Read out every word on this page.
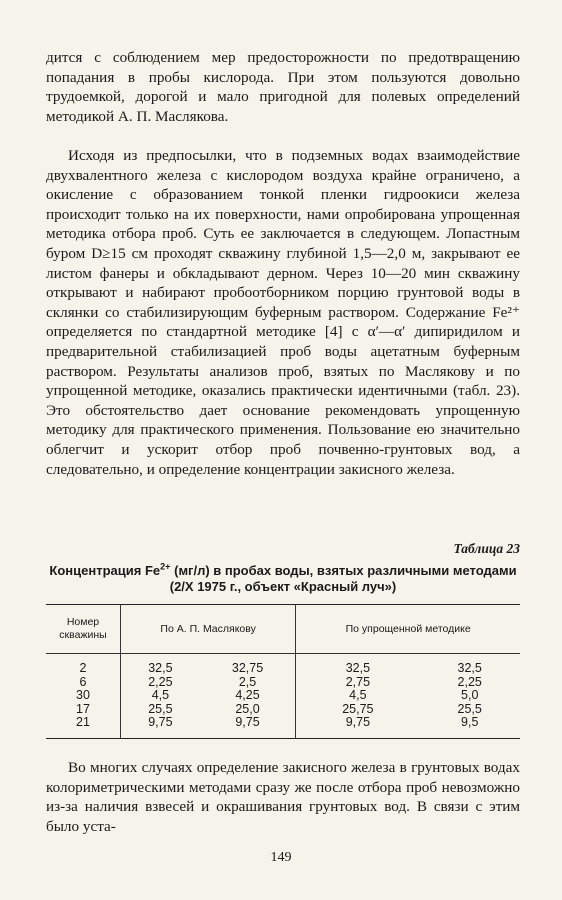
дится с соблюдением мер предосторожности по предотвращению попадания в пробы кислорода. При этом пользуются довольно трудоемкой, дорогой и мало пригодной для полевых определений методикой А. П. Маслякова.

Исходя из предпосылки, что в подземных водах взаимодействие двухвалентного железа с кислородом воздуха крайне ограничено, а окисление с образованием тонкой пленки гидроокиси железа происходит только на их поверхности, нами опробирована упрощенная методика отбора проб. Суть ее заключается в следующем. Лопастным буром D≥15 см проходят скважину глубиной 1,5—2,0 м, закрывают ее листом фанеры и обкладывают дерном. Через 10—20 мин скважину открывают и набирают пробоотборником порцию грунтовой воды в склянки со стабилизирующим буферным раствором. Содержание Fe²⁺ определяется по стандартной методике [4] с α′—α′ дипиридилом и предварительной стабилизацией проб воды ацетатным буферным раствором. Результаты анализов проб, взятых по Маслякову и по упрощенной методике, оказались практически идентичными (табл. 23). Это обстоятельство дает основание рекомендовать упрощенную методику для практического применения. Пользование ею значительно облегчит и ускорит отбор проб почвенно-грунтовых вод, а следовательно, и определение концентрации закисного железа.

Таблица 23
Концентрация $Fe^{2+}$ (мг/л) в пробах воды, взятых различными методами (2/X 1975 г., объект «Красный луч»)
Номер скважины	По А. П. Маслякову		По упрощенной методике	
2	32,5	32,75	32,5	32,5
6	2,25	2,5	2,75	2,25
30	4,5	4,25	4,5	5,0
17	25,5	25,0	25,75	25,5
21	9,75	9,75	9,75	9,5

Во многих случаях определение закисного железа в грунтовых водах колориметрическими методами сразу же после отбора проб невозможно из-за наличия взвесей и окрашивания грунтовых вод. В связи с этим было уста-

149
